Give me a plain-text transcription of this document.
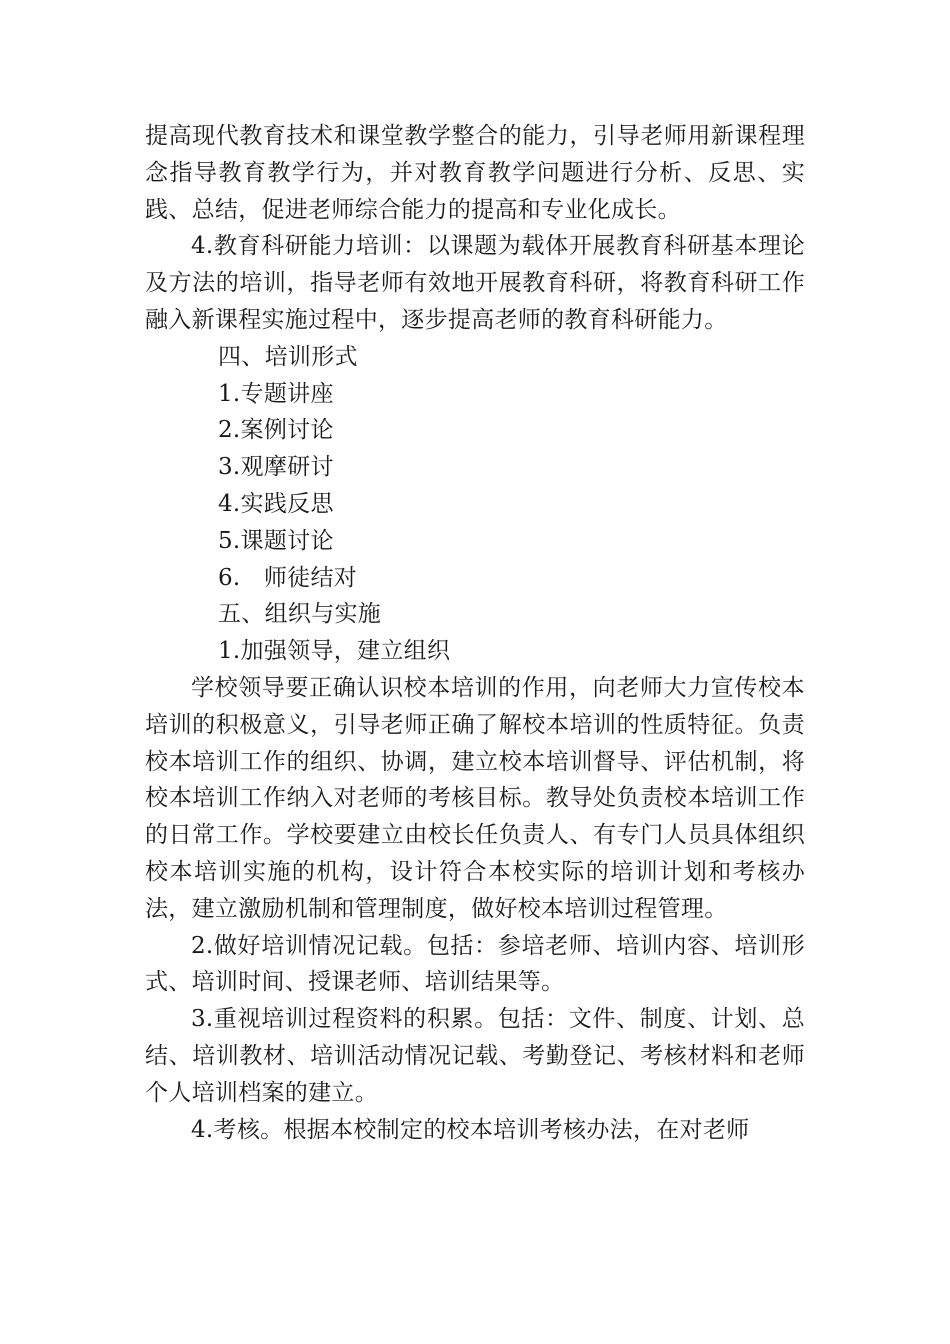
提高现代教育技术和课堂教学整合的能力，引导老师用新课程理念指导教育教学行为，并对教育教学问题进行分析、反思、实践、总结，促进老师综合能力的提高和专业化成长。

4.教育科研能力培训：以课题为载体开展教育科研基本理论及方法的培训，指导老师有效地开展教育科研，将教育科研工作融入新课程实施过程中，逐步提高老师的教育科研能力。

四、培训形式

1.专题讲座

2.案例讨论

3.观摩研讨

4.实践反思

5.课题讨论

6.　师徒结对

五、组织与实施

1.加强领导，建立组织

学校领导要正确认识校本培训的作用，向老师大力宣传校本培训的积极意义，引导老师正确了解校本培训的性质特征。负责校本培训工作的组织、协调，建立校本培训督导、评估机制，将校本培训工作纳入对老师的考核目标。教导处负责校本培训工作的日常工作。学校要建立由校长任负责人、有专门人员具体组织校本培训实施的机构，设计符合本校实际的培训计划和考核办法，建立激励机制和管理制度，做好校本培训过程管理。

2.做好培训情况记载。包括：参培老师、培训内容、培训形式、培训时间、授课老师、培训结果等。

3.重视培训过程资料的积累。包括：文件、制度、计划、总结、培训教材、培训活动情况记载、考勤登记、考核材料和老师个人培训档案的建立。

4.考核。根据本校制定的校本培训考核办法，在对老师
